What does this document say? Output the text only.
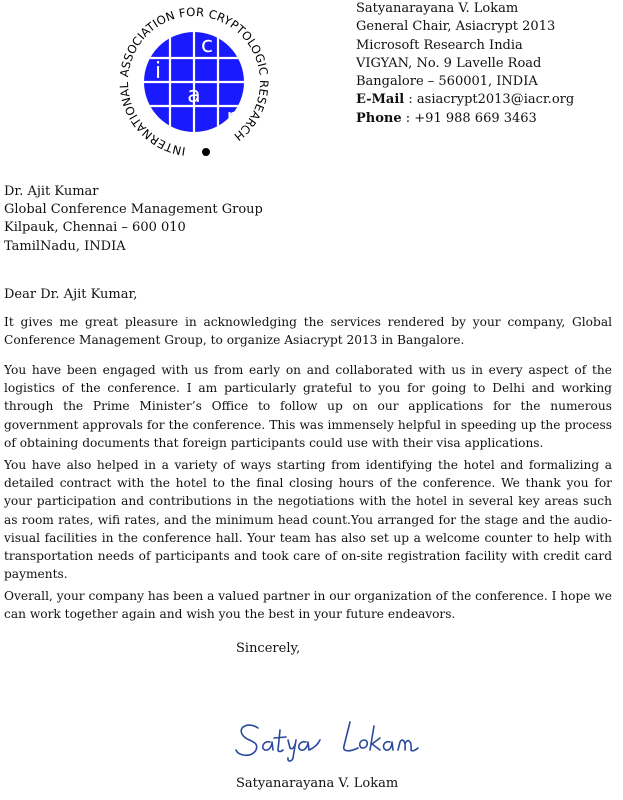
i
a
c
r
INTERNATIONAL ASSOCIATION FOR CRYPTOLOGIC RESEARCH
Satyanarayana V. Lokam
General Chair, Asiacrypt 2013
Microsoft Research India
VIGYAN, No. 9 Lavelle Road
Bangalore – 560001, INDIA
E-Mail : asiacrypt2013@iacr.org
Phone : +91 988 669 3463
Dr. Ajit Kumar
Global Conference Management Group
Kilpauk, Chennai – 600 010
TamilNadu, INDIA
Dear Dr. Ajit Kumar,

It gives me great pleasure in acknowledging the services rendered by your company, Global Conference Management Group, to organize Asiacrypt 2013 in Bangalore.

You have been engaged with us from early on and collaborated with us in every aspect of the logistics of the conference. I am particularly grateful to you for going to Delhi and working through the Prime Minister’s Office to follow up on our applications for the numerous government approvals for the conference. This was immensely helpful in speeding up the process of obtaining documents that foreign participants could use with their visa applications.

You have also helped in a variety of ways starting from identifying the hotel and formalizing a detailed contract with the hotel to the final closing hours of the conference. We thank you for your participation and contributions in the negotiations with the hotel in several key areas such as room rates, wifi rates, and the minimum head count.You arranged for the stage and the audio-visual facilities in the conference hall. Your team has also set up a welcome counter to help with transportation needs of participants and took care of on-site registration facility with credit card payments.

Overall, your company has been a valued partner in our organization of the conference. I hope we can work together again and wish you the best in your future endeavors.

Sincerely,
Satyanarayana V. Lokam
